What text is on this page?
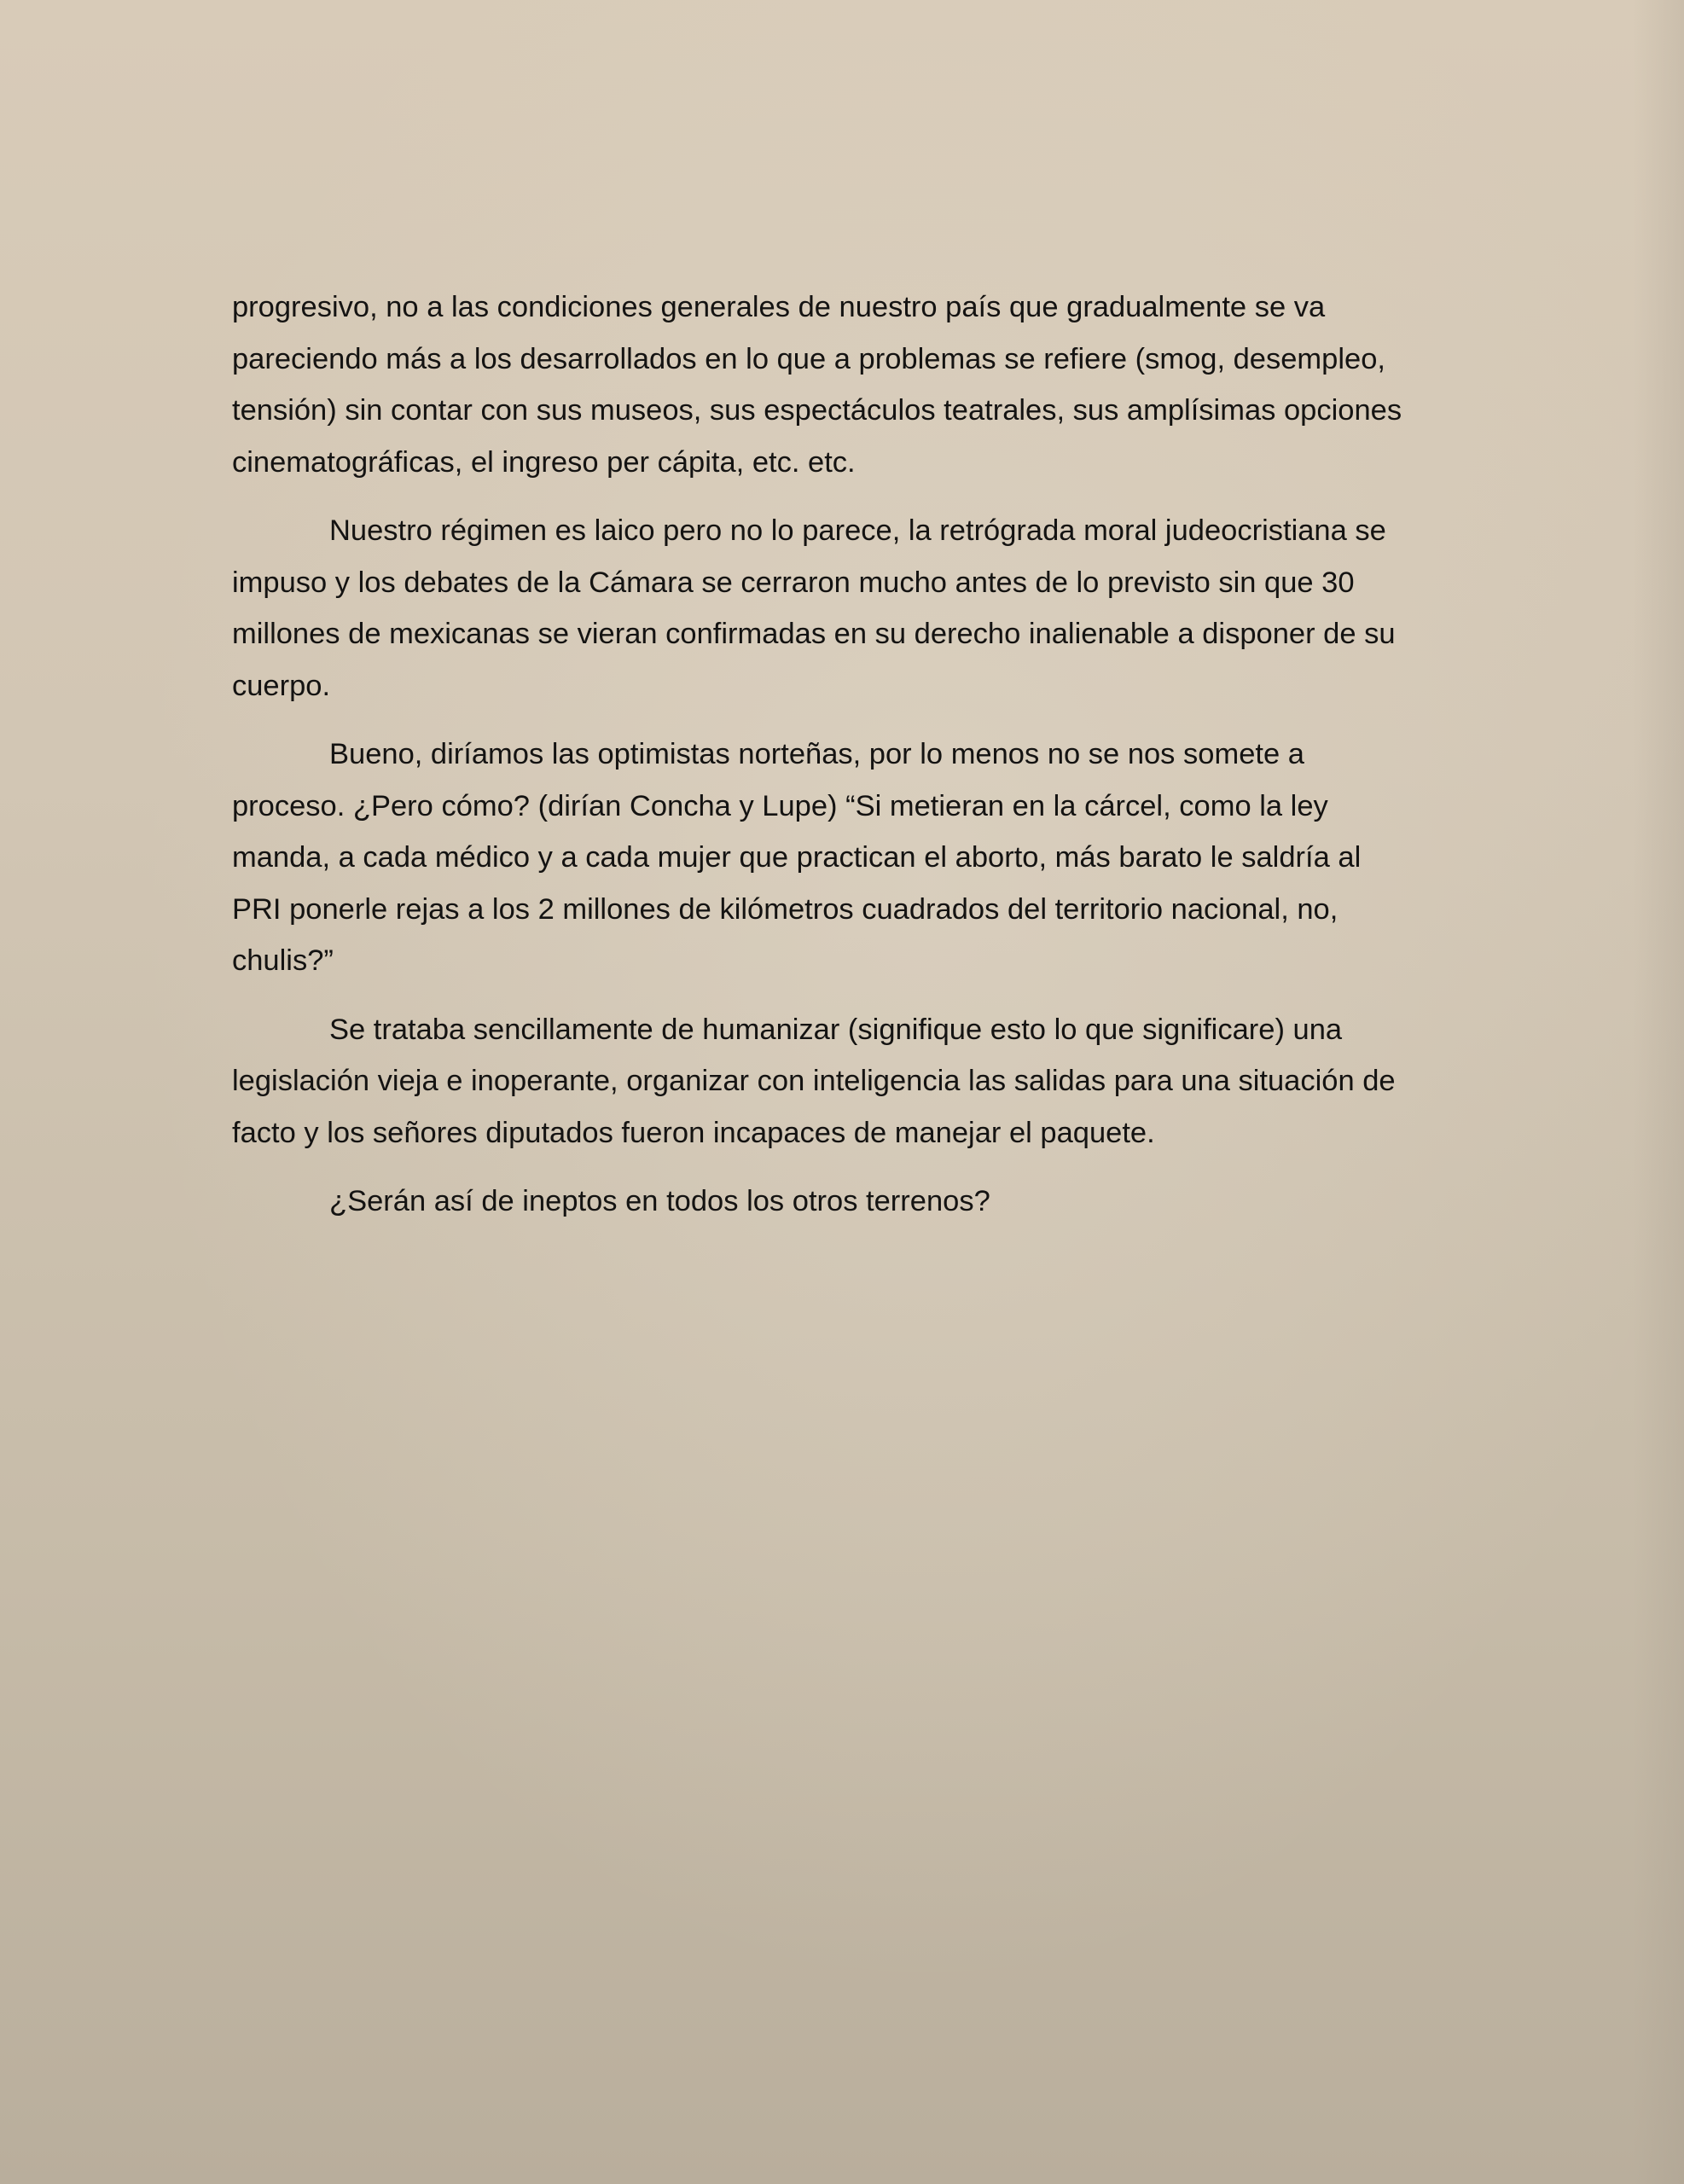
progresivo, no a las condiciones generales de nuestro país que gradualmente se va
pareciendo más a los desarrollados en lo que a problemas se refiere (smog, desempleo,
tensión) sin contar con sus museos, sus espectáculos teatrales, sus amplísimas opciones
cinematográficas, el ingreso per cápita, etc. etc.

Nuestro régimen es laico pero no lo parece, la retrógrada moral judeocristiana se
impuso y los debates de la Cámara se cerraron mucho antes de lo previsto sin que 30
millones de mexicanas se vieran confirmadas en su derecho inalienable a disponer de su
cuerpo.

Bueno, diríamos las optimistas norteñas, por lo menos no se nos somete a
proceso. ¿Pero cómo? (dirían Concha y Lupe) “Si metieran en la cárcel, como la ley
manda, a cada médico y a cada mujer que practican el aborto, más barato le saldría al
PRI ponerle rejas a los 2 millones de kilómetros cuadrados del territorio nacional, no,
chulis?”

Se trataba sencillamente de humanizar (signifique esto lo que significare) una
legislación vieja e inoperante, organizar con inteligencia las salidas para una situación de
facto y los señores diputados fueron incapaces de manejar el paquete.

¿Serán así de ineptos en todos los otros terrenos?
